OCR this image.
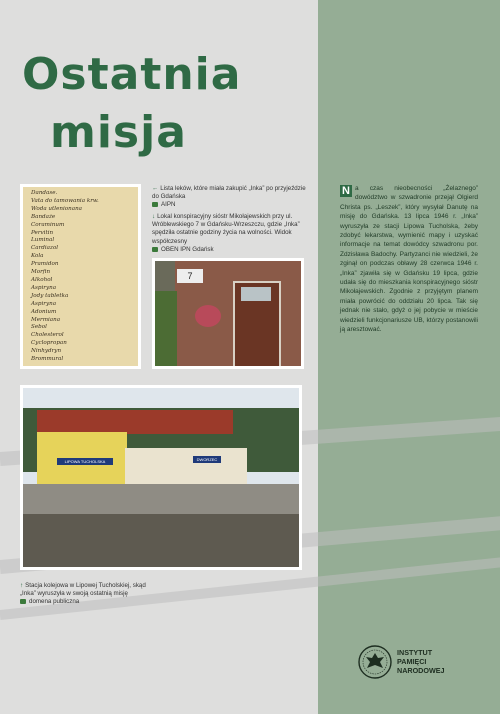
Ostatnia
misja
Dandase.
Vata do tamowania krw.
Woda utlenionana
Bandaże
Coraminum
Pervitin
Luminal
Cardiazol
Kola
Pramidon
Morfin
Alkohol
Aspiryna
Jody tabletka
Aspiryna
Adonium
Mermiana
Sebol
Cholesterol
Cyclopropan
Ninhydryn
Brommural
7
LIPOWA TUCHOLSKA	DWORZEC
← Lista leków, które miała zakupić „Inka” po przyjeździe do Gdańska
AIPN
↓ Lokal konspiracyjny sióstr Mikołajewskich przy ul. Wróblewskiego 7 w Gdańsku-Wrzeszczu, gdzie „Inka” spędziła ostatnie godziny życia na wolności. Widok współczesny
OBEN IPN Gdańsk
↑ Stacja kolejowa w Lipowej Tucholskiej, skąd „Inka” wyruszyła w swoją ostatnią misję
domena publiczna
N a czas nieobecności „Żelaznego” dowództwo w szwadronie przejął Olgierd Christa ps. „Leszek”, który wysyłał Danutę na misję do Gdańska. 13 lipca 1946 r. „Inka” wyruszyła ze stacji Lipowa Tucholska, żeby zdobyć lekarstwa, wymienić mapy i uzyskać informacje na temat dowódcy szwadronu por. Zdzisława Badochy. Partyzanci nie wiedzieli, że zginął on podczas obławy 28 czerwca 1946 r. „Inka” zjawiła się w Gdańsku 19 lipca, gdzie udała się do mieszkania konspiracyjnego sióstr Mikołajewskich. Zgodnie z przyjętym planem miała powrócić do oddziału 20 lipca. Tak się jednak nie stało, gdyż o jej pobycie w mieście wiedzieli funkcjonariusze UB, którzy postanowili ją aresztować.
INSTYTUT
PAMIĘCI
NARODOWEJ
